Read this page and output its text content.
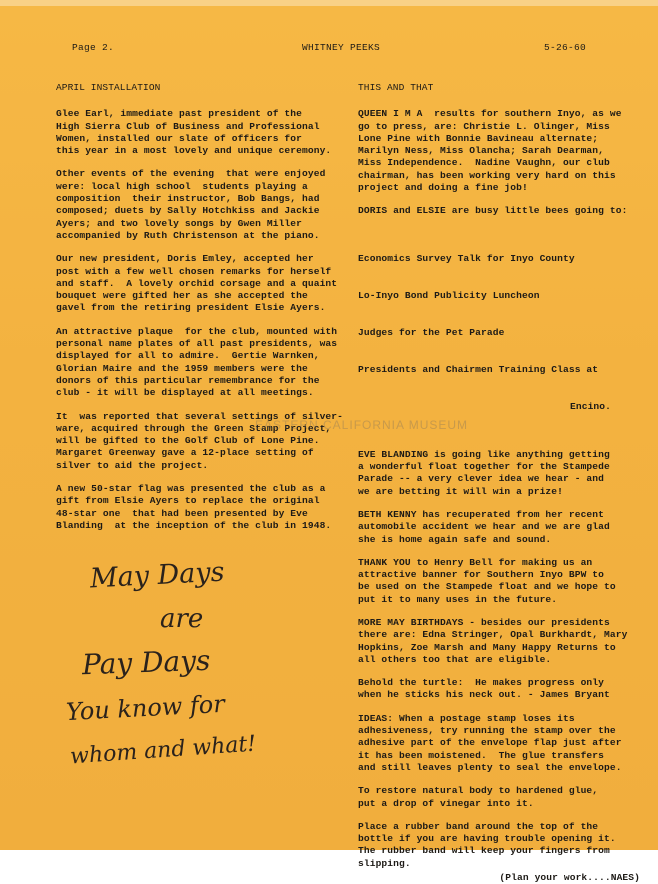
Page 2.	WHITNEY PEEKS	5-26-60

APRIL INSTALLATION

Glee Earl, immediate past president of the
High Sierra Club of Business and Professional
Women, installed our slate of officers for
this year in a most lovely and unique ceremony.

Other events of the evening  that were enjoyed
were: local high school  students playing a
composition  their instructor, Bob Bangs, had
composed; duets by Sally Hotchkiss and Jackie
Ayers; and two lovely songs by Gwen Miller
accompanied by Ruth Christenson at the piano.

Our new president, Doris Emley, accepted her
post with a few well chosen remarks for herself
and staff.  A lovely orchid corsage and a quaint
bouquet were gifted her as she accepted the
gavel from the retiring president Elsie Ayers.

An attractive plaque  for the club, mounted with
personal name plates of all past presidents, was
displayed for all to admire.  Gertie Warnken,
Glorian Maire and the 1959 members were the
donors of this particular remembrance for the
club - it will be displayed at all meetings.

It  was reported that several settings of silver-
ware, acquired through the Green Stamp Project,
will be gifted to the Golf Club of Lone Pine.
Margaret Greenway gave a 12-place setting of
silver to aid the project.

A new 50-star flag was presented the club as a
gift from Elsie Ayers to replace the original
48-star one  that had been presented by Eve
Blanding  at the inception of the club in 1948.

May Days
are
Pay Days
You know for
whom and what!

THIS AND THAT

QUEEN I M A  results for southern Inyo, as we
go to press, are: Christie L. Olinger, Miss
Lone Pine with Bonnie Bavineau alternate;
Marilyn Ness, Miss Olancha; Sarah Dearman,
Miss Independence.  Nadine Vaughn, our club
chairman, has been working very hard on this
project and doing a fine job!

DORIS and ELSIE are busy little bees going to:

Economics Survey Talk for Inyo County

Lo-Inyo Bond Publicity Luncheon

Judges for the Pet Parade

Presidents and Chairmen Training Class at

Encino.

EVE BLANDING is going like anything getting
a wonderful float together for the Stampede
Parade -- a very clever idea we hear - and
we are betting it will win a prize!

BETH KENNY has recuperated from her recent
automobile accident we hear and we are glad
she is home again safe and sound.

THANK YOU to Henry Bell for making us an
attractive banner for Southern Inyo BPW to
be used on the Stampede float and we hope to
put it to many uses in the future.

MORE MAY BIRTHDAYS - besides our presidents
there are: Edna Stringer, Opal Burkhardt, Mary
Hopkins, Zoe Marsh and Many Happy Returns to
all others too that are eligible.

Behold the turtle:  He makes progress only
when he sticks his neck out. - James Bryant

IDEAS: When a postage stamp loses its
adhesiveness, try running the stamp over the
adhesive part of the envelope flap just after
it has been moistened.  The glue transfers
and still leaves plenty to seal the envelope.

To restore natural body to hardened glue,
put a drop of vinegar into it.

Place a rubber band around the top of the
bottle if you are having trouble opening it.
The rubber band will keep your fingers from
slipping.

(Plan your work....NAES)
EASTERN CALIFORNIA MUSEUM
